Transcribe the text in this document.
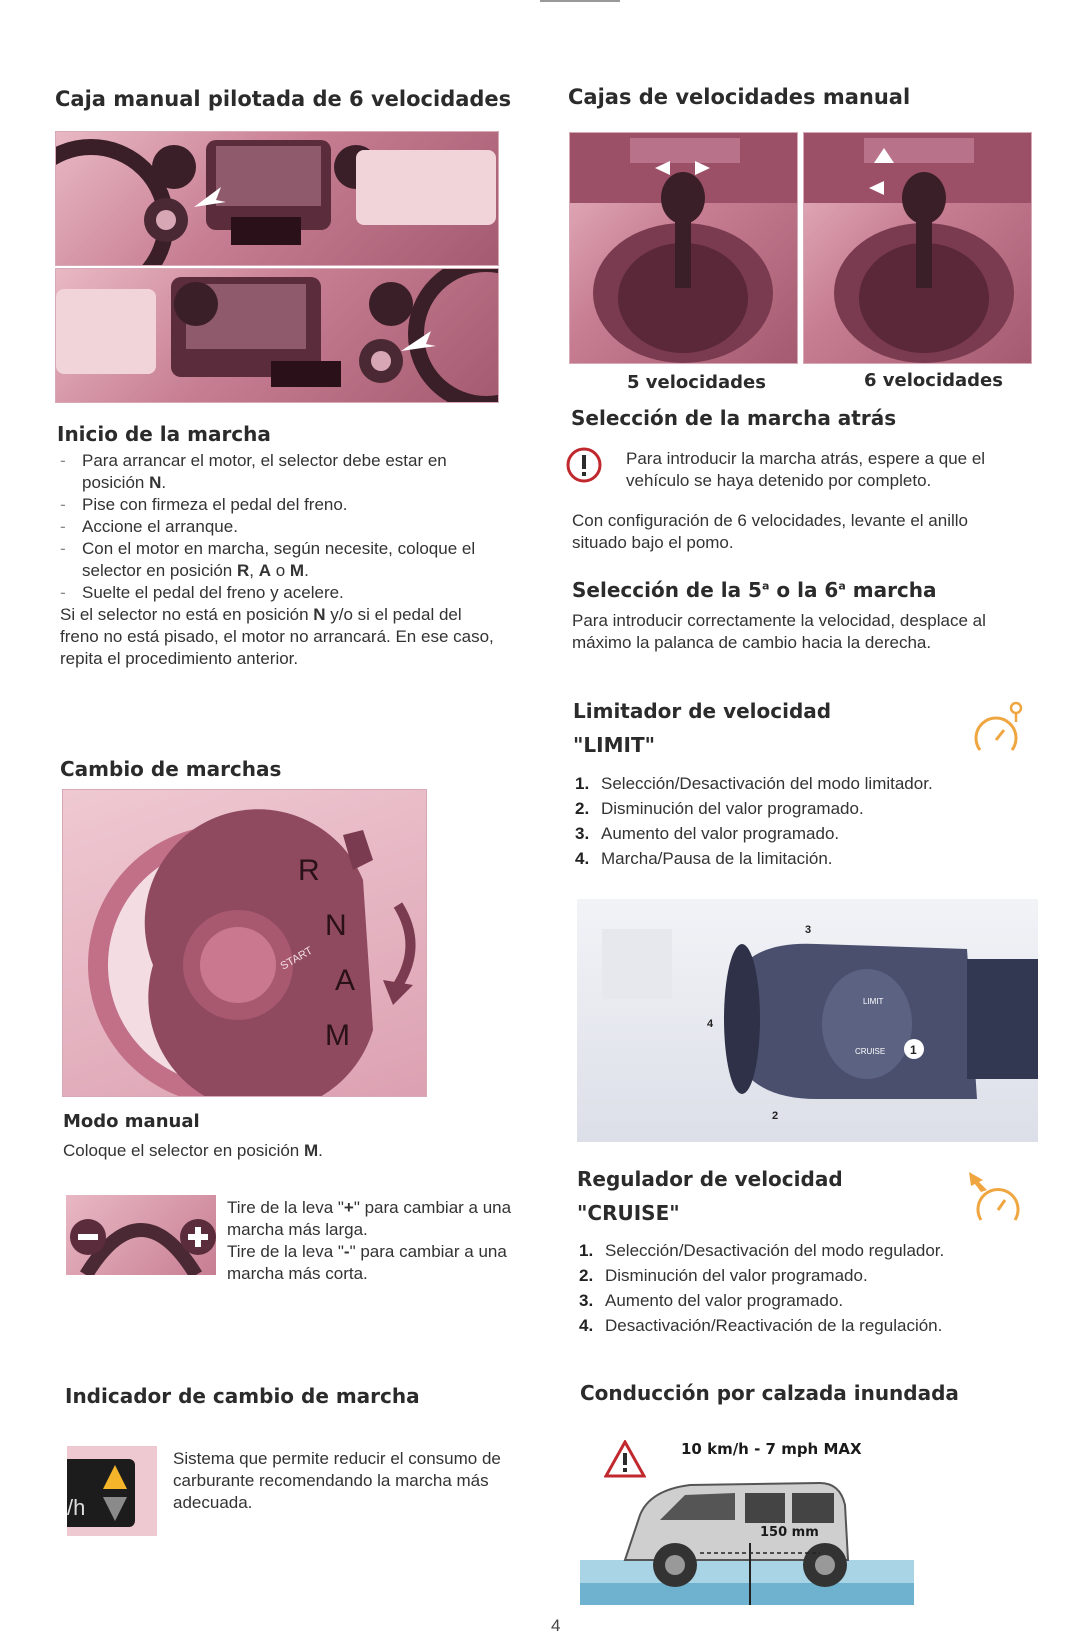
Caja manual pilotada de 6 velocidades
Inicio de la marcha
- Para arrancar el motor, el selector debe estar en posición N.
- Pise con firmeza el pedal del freno.
- Accione el arranque.
- Con el motor en marcha, según necesite, coloque el selector en posición R, A o M.
- Suelte el pedal del freno y acelere.
Si el selector no está en posición N y/o si el pedal del freno no está pisado, el motor no arrancará. En ese caso, repita el procedimiento anterior.
Cambio de marchas
START
R
N
A
M
Modo manual
Coloque el selector en posición M.
Tire de la leva "+" para cambiar a una marcha más larga.
Tire de la leva "-" para cambiar a una marcha más corta.
Indicador de cambio de marcha
/h
Sistema que permite reducir el consumo de carburante recomendando la marcha más adecuada.
Cajas de velocidades manual
5 velocidades	6 velocidades
Selección de la marcha atrás
Para introducir la marcha atrás, espere a que el vehículo se haya detenido por completo.
Con configuración de 6 velocidades, levante el anillo situado bajo el pomo.
Selección de la 5$^a$ o la 6$^a$ marcha
Para introducir correctamente la velocidad, desplace al máximo la palanca de cambio hacia la derecha.
Limitador de velocidad
"LIMIT"
1. Selección/Desactivación del modo limitador.
2. Disminución del valor programado.
3. Aumento del valor programado.
4. Marcha/Pausa de la limitación.
LIMIT
CRUISE 1
3
4
2
Regulador de velocidad
"CRUISE"
1. Selección/Desactivación del modo regulador.
2. Disminución del valor programado.
3. Aumento del valor programado.
4. Desactivación/Reactivación de la regulación.
Conducción por calzada inundada
10 km/h - 7 mph MAX
150 mm
4
